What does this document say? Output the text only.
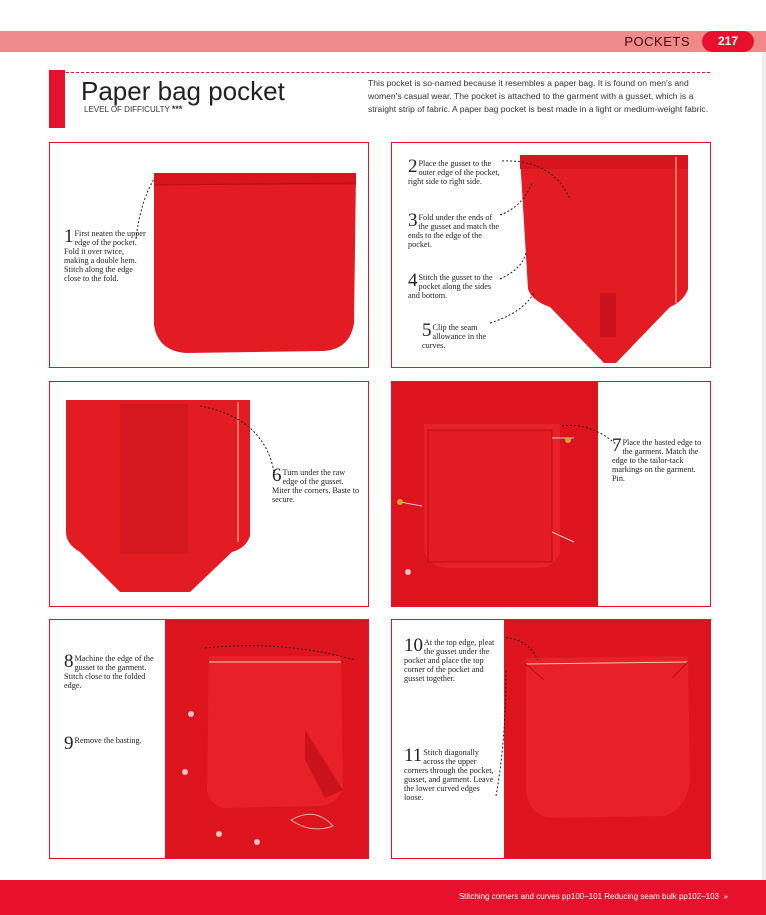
POCKETS	217
Paper bag pocket
LEVEL OF DIFFICULTY ***
This pocket is so-named because it resembles a paper bag. It is found on men's and women's casual wear. The pocket is attached to the garment with a gusset, which is a straight strip of fabric. A paper bag pocket is best made in a light or medium-weight fabric.
1 First neaten the upper edge of the pocket. Fold it over twice, making a double hem. Stitch along the edge close to the fold.
2 Place the gusset to the outer edge of the pocket, right side to right side.
3 Fold under the ends of the gusset and match the ends to the edge of the pocket.
4 Stitch the gusset to the pocket along the sides and bottom.
5 Clip the seam allowance in the curves.
6 Turn under the raw edge of the gusset. Miter the corners. Baste to secure.
7 Place the basted edge to the garment. Match the edge to the tailor-tack markings on the garment. Pin.
8 Machine the edge of the gusset to the garment. Stitch close to the folded edge.
9 Remove the basting.
10 At the top edge, pleat the gusset under the pocket and place the top corner of the pocket and gusset together.
11 Stitch diagonally across the upper corners through the pocket, gusset, and garment. Leave the lower curved edges loose.
Stitching corners and curves pp100–101 Reducing seam bulk pp102–103 »
